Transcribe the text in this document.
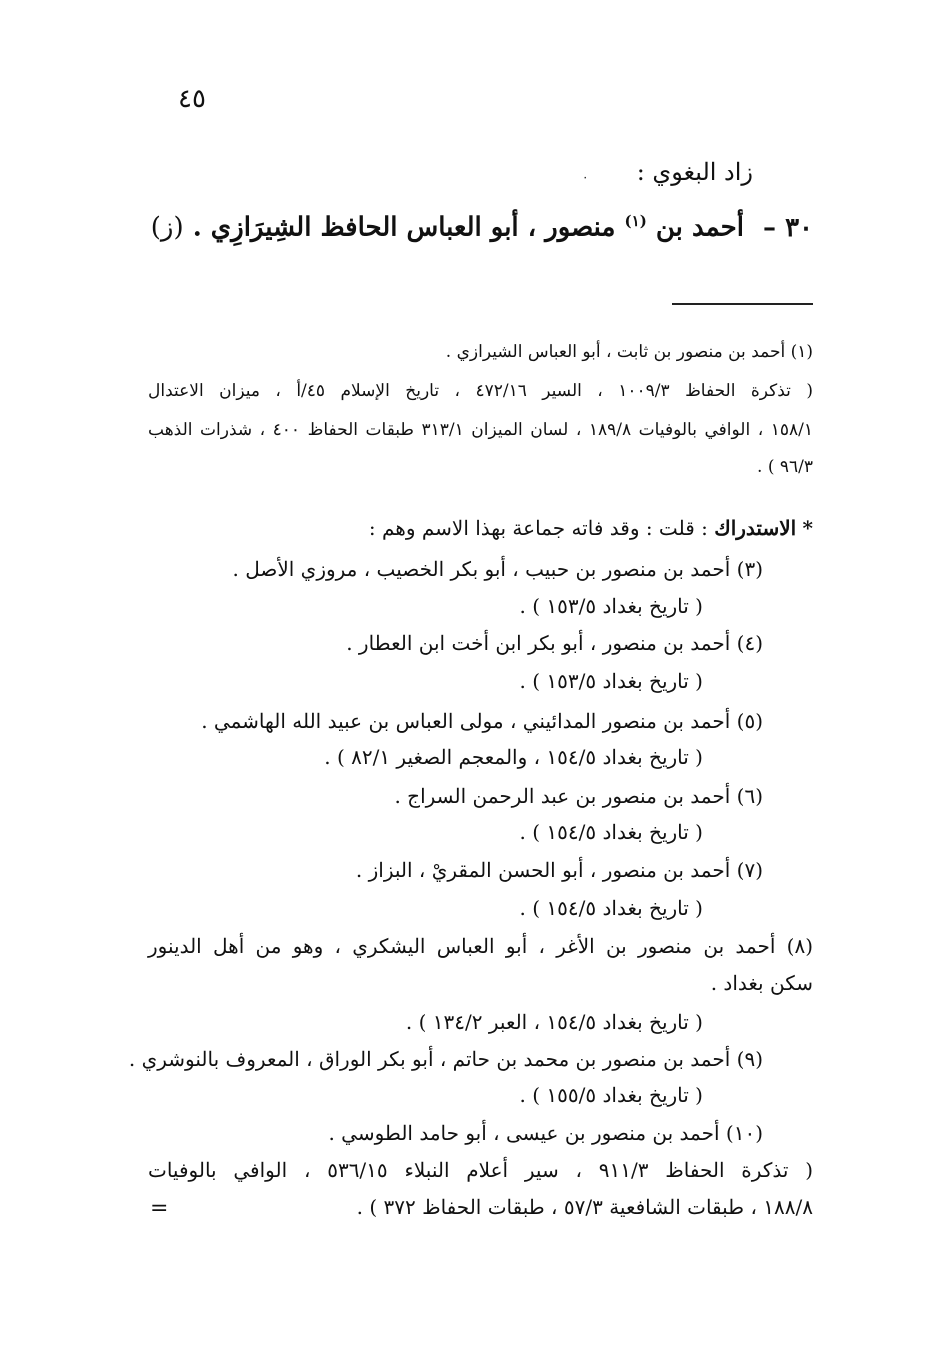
٤٥
زاد البغوي :
٠
٣٠ – أحمد بن $^{(١)}$ منصور ، أبو العباس الحافظ الشِيرَازِي . (ز)
(١) أحمد بن منصور بن ثابت ، أبو العباس الشيرازي .
( تذكرة الحفاظ ١٠٠٩/٣ ، السير ٤٧٢/١٦ ، تاريخ الإسلام ٤٥/أ ، ميزان الاعتدال
١٥٨/١ ، الوافي بالوفيات ١٨٩/٨ ، لسان الميزان ٣١٣/١ طبقات الحفاظ ٤٠٠ ، شذرات الذهب
٩٦/٣ ) .
* الاستدراك : قلت : وقد فاته جماعة بهذا الاسم وهم :
(٣) أحمد بن منصور بن حبيب ، أبو بكر الخصيب ، مروزي الأصل .
( تاريخ بغداد ١٥٣/٥ ) .
(٤) أحمد بن منصور ، أبو بكر ابن أخت ابن العطار .
( تاريخ بغداد ١٥٣/٥ ) .
(٥) أحمد بن منصور المدائيني ، مولى العباس بن عبيد الله الهاشمي .
( تاريخ بغداد ١٥٤/٥ ، والمعجم الصغير ٨٢/١ ) .
(٦) أحمد بن منصور بن عبد الرحمن السراج .
( تاريخ بغداد ١٥٤/٥ ) .
(٧) أحمد بن منصور ، أبو الحسن المقريْ ، البزاز .
( تاريخ بغداد ١٥٤/٥ ) .
(٨) أحمد بن منصور بن الأغر ، أبو العباس اليشكري ، وهو من أهل الدينور
سكن بغداد .
( تاريخ بغداد ١٥٤/٥ ، العبر ١٣٤/٢ ) .
(٩) أحمد بن منصور بن محمد بن حاتم ، أبو بكر الوراق ، المعروف بالنوشري .
( تاريخ بغداد ١٥٥/٥ ) .
(١٠) أحمد بن منصور بن عيسى ، أبو حامد الطوسي .
( تذكرة الحفاظ ٩١١/٣ ، سير أعلام النبلاء ٥٣٦/١٥ ، الوافي بالوفيات
١٨٨/٨ ، طبقات الشافعية ٥٧/٣ ، طبقات الحفاظ ٣٧٢ ) .
=
